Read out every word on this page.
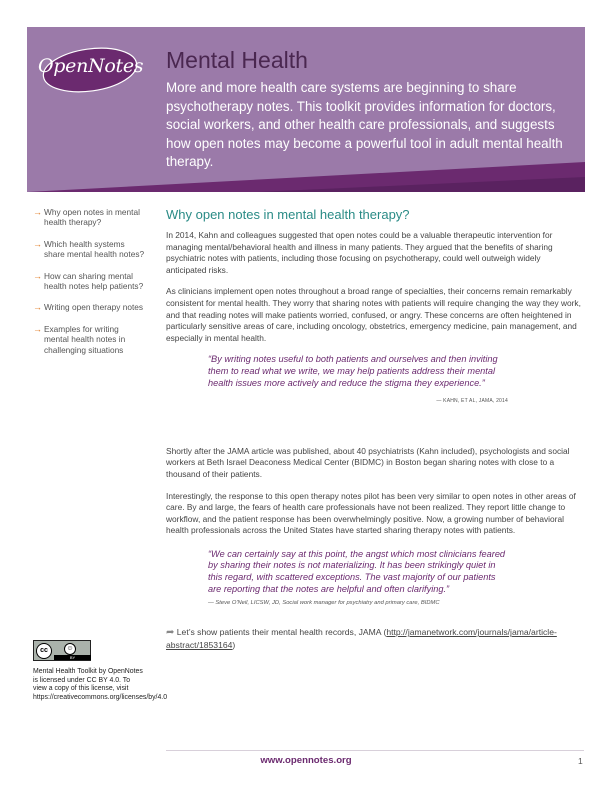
OpenNotes Mental Health
More and more health care systems are beginning to share psychotherapy notes. This toolkit provides information for doctors, social workers, and other health care professionals, and suggests how open notes may become a powerful tool in adult mental health therapy.
→ Why open notes in mental health therapy?
→ Which health systems share mental health notes?
→ How can sharing mental health notes help patients?
→ Writing open therapy notes
→ Examples for writing mental health notes in challenging situations
cc	☺
BY
Mental Health Toolkit by OpenNotes is licensed under CC BY 4.0. To view a copy of this license, visit https://creativecommons.org/licenses/by/4.0
Why open notes in mental health therapy?

In 2014, Kahn and colleagues suggested that open notes could be a valuable therapeutic intervention for managing mental/behavioral health and illness in many patients. They argued that the benefits of sharing psychiatric notes with patients, including those focusing on psychotherapy, could well outweigh widely anticipated risks.

As clinicians implement open notes throughout a broad range of specialties, their concerns remain remarkably consistent for mental health. They worry that sharing notes with patients will require changing the way they work, and that reading notes will make patients worried, confused, or angry. These concerns are often heightened in particularly sensitive areas of care, including oncology, obstetrics, emergency medicine, pain management, and especially in mental health.

“By writing notes useful to both patients and ourselves and then inviting them to read what we write, we may help patients address their mental health issues more actively and reduce the stigma they experience.”
— KAHN, ET AL, JAMA, 2014

Shortly after the JAMA article was published, about 40 psychiatrists (Kahn included), psychologists and social workers at Beth Israel Deaconess Medical Center (BIDMC) in Boston began sharing notes with close to a thousand of their patients.

Interestingly, the response to this open therapy notes pilot has been very similar to open notes in other areas of care. By and large, the fears of health care professionals have not been realized. They report little change to workflow, and the patient response has been overwhelmingly positive. Now, a growing number of behavioral health professionals across the United States have started sharing therapy notes with patients.

“We can certainly say at this point, the angst which most clinicians feared by sharing their notes is not materializing. It has been strikingly quiet in this regard, with scattered exceptions. The vast majority of our patients are reporting that the notes are helpful and often clarifying.”
— Steve O'Neil, LICSW, JD, Social work manager for psychiatry and primary care, BIDMC
➦ Let’s show patients their mental health records, JAMA (http://jamanetwork.com/journals/jama/article-abstract/1853164)
www.opennotes.org	1
